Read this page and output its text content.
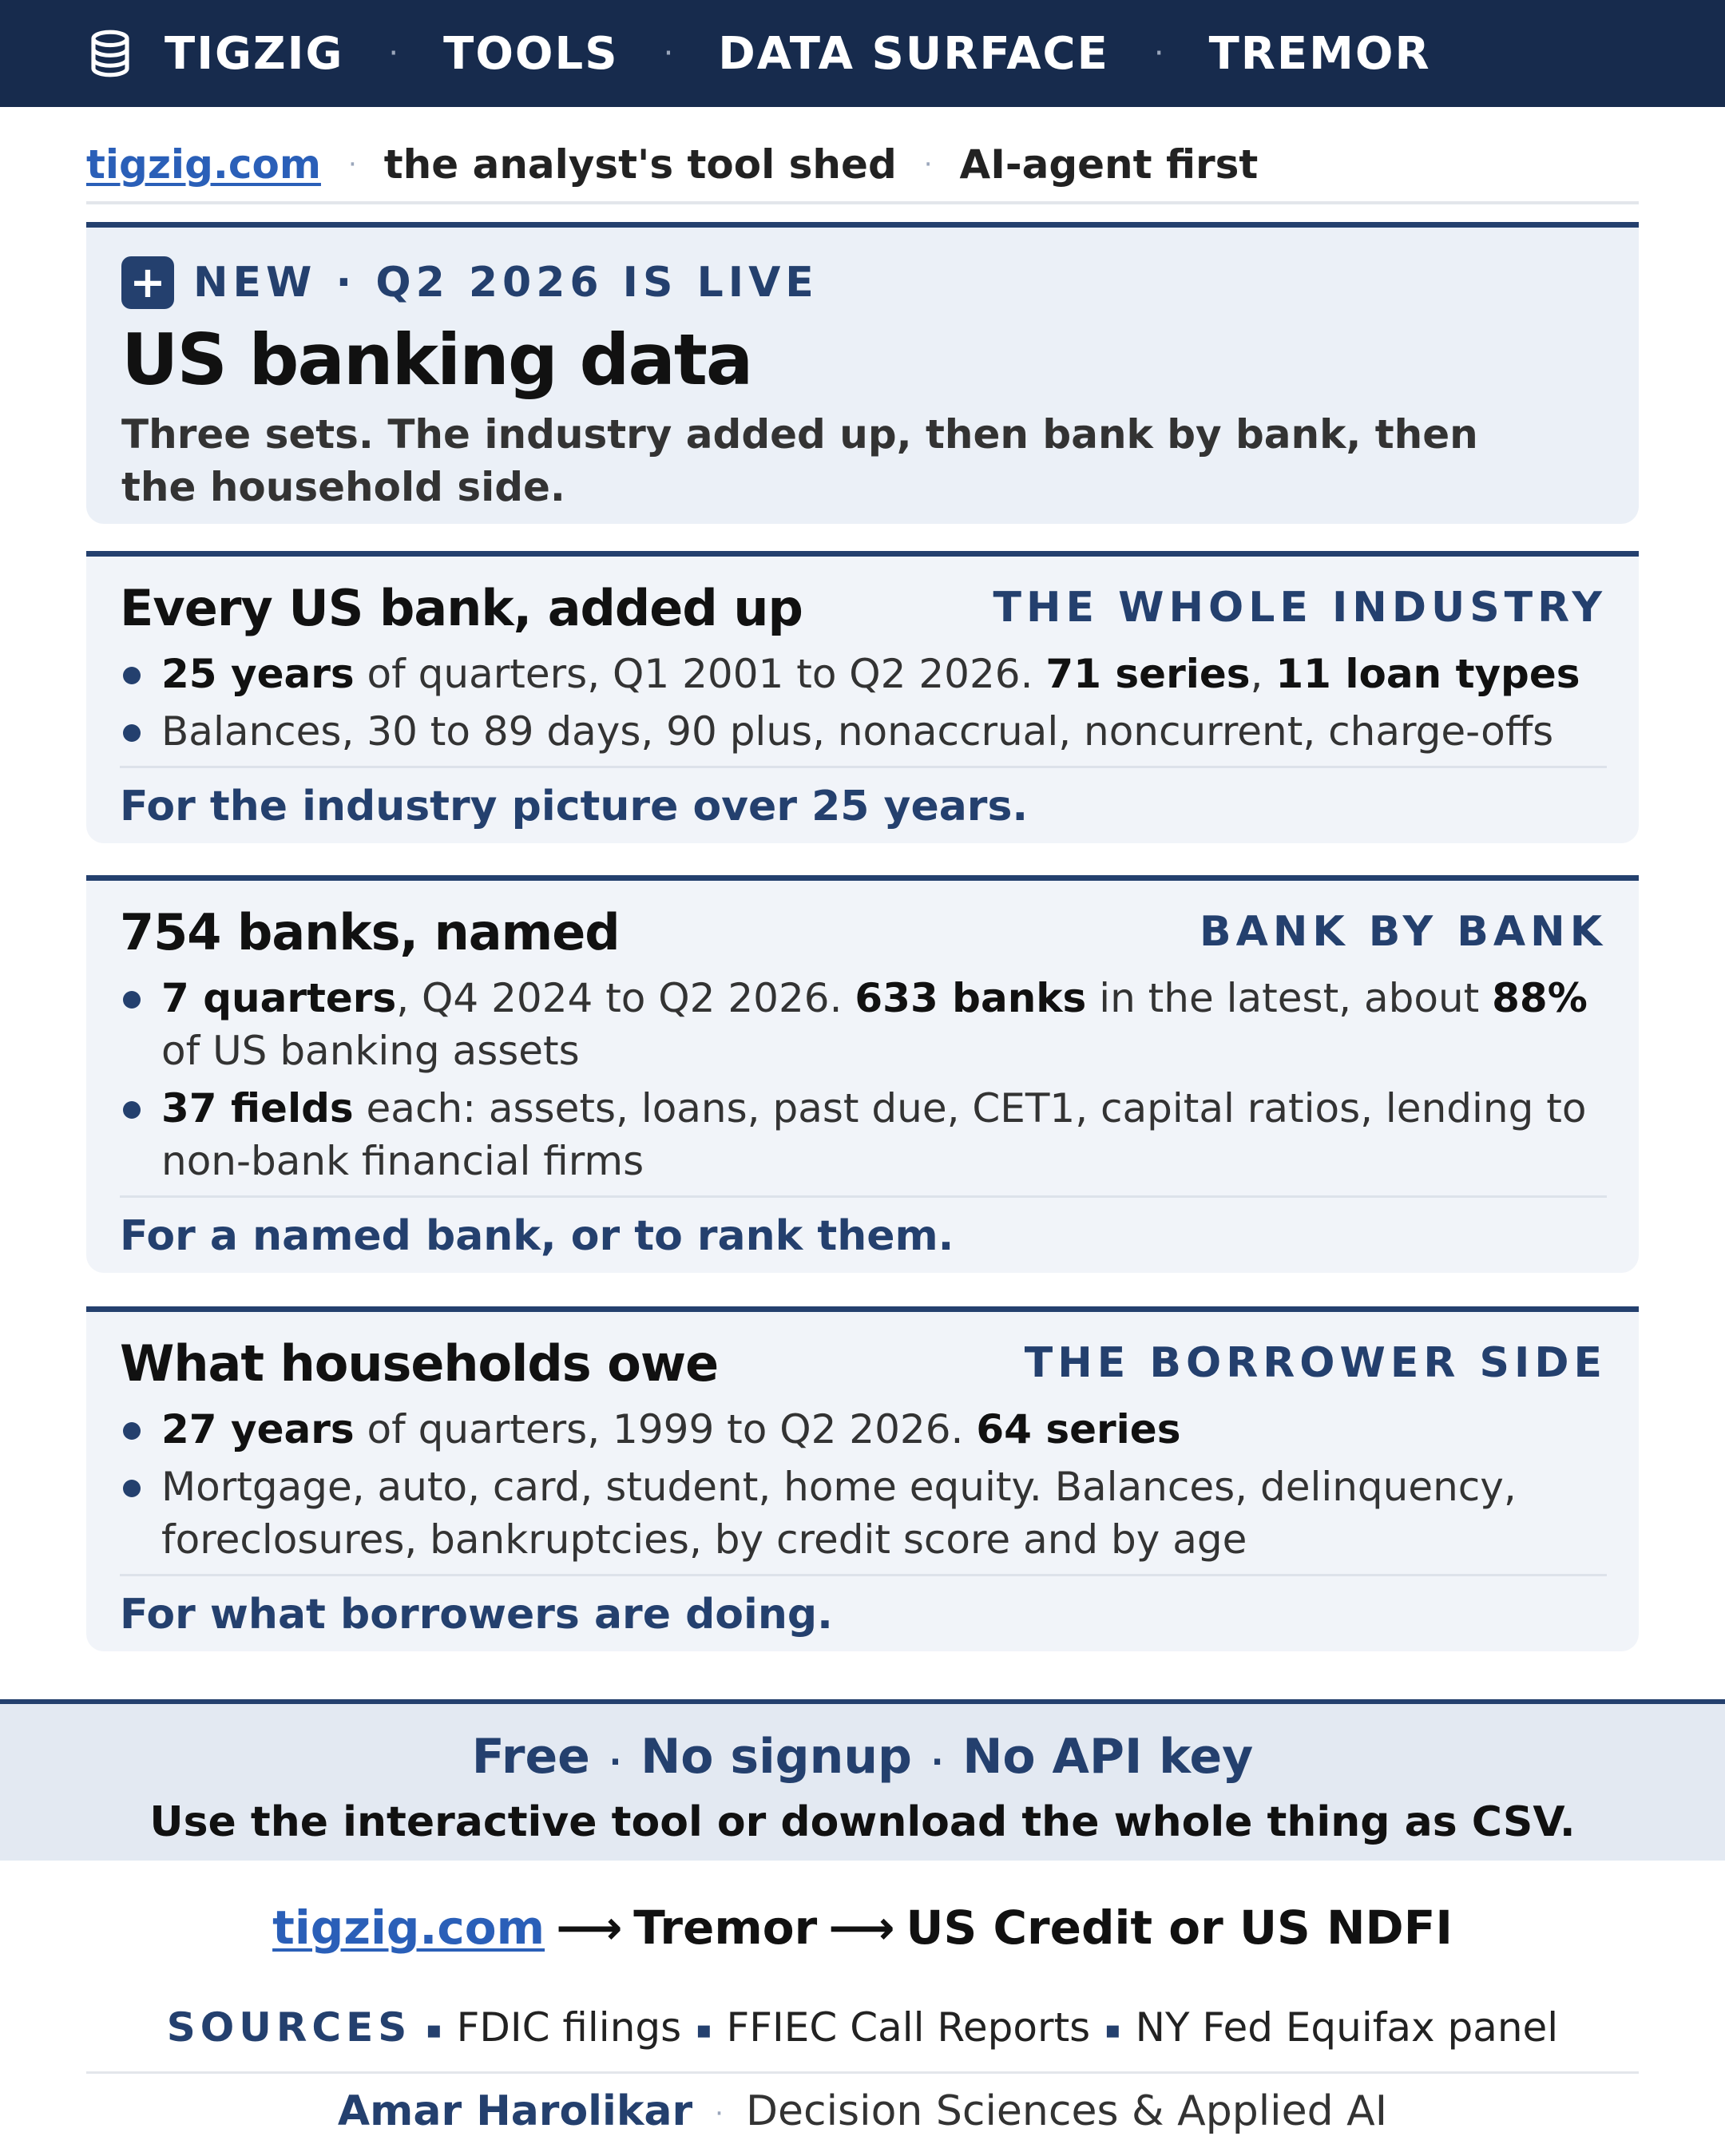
TIGZIG · TOOLS · DATA SURFACE · TREMOR
tigzig.com · the analyst's tool shed · AI-agent first
+ NEW · Q2 2026 IS LIVE
US banking data
Three sets. The industry added up, then bank by bank, then the household side.
Every US bank, added up	THE WHOLE INDUSTRY
25 years of quarters, Q1 2001 to Q2 2026. 71 series, 11 loan types
Balances, 30 to 89 days, 90 plus, nonaccrual, noncurrent, charge-offs
For the industry picture over 25 years.
754 banks, named	BANK BY BANK
7 quarters, Q4 2024 to Q2 2026. 633 banks in the latest, about 88% of US banking assets
37 fields each: assets, loans, past due, CET1, capital ratios, lending to non-bank financial firms
For a named bank, or to rank them.
What households owe	THE BORROWER SIDE
27 years of quarters, 1999 to Q2 2026. 64 series
Mortgage, auto, card, student, home equity. Balances, delinquency, foreclosures, bankruptcies, by credit score and by age
For what borrowers are doing.
Free · No signup · No API key
Use the interactive tool or download the whole thing as CSV.
tigzig.com ⟶ Tremor ⟶ US Credit or US NDFI
SOURCES ▪ FDIC filings ▪ FFIEC Call Reports ▪ NY Fed Equifax panel
Amar Harolikar · Decision Sciences & Applied AI
